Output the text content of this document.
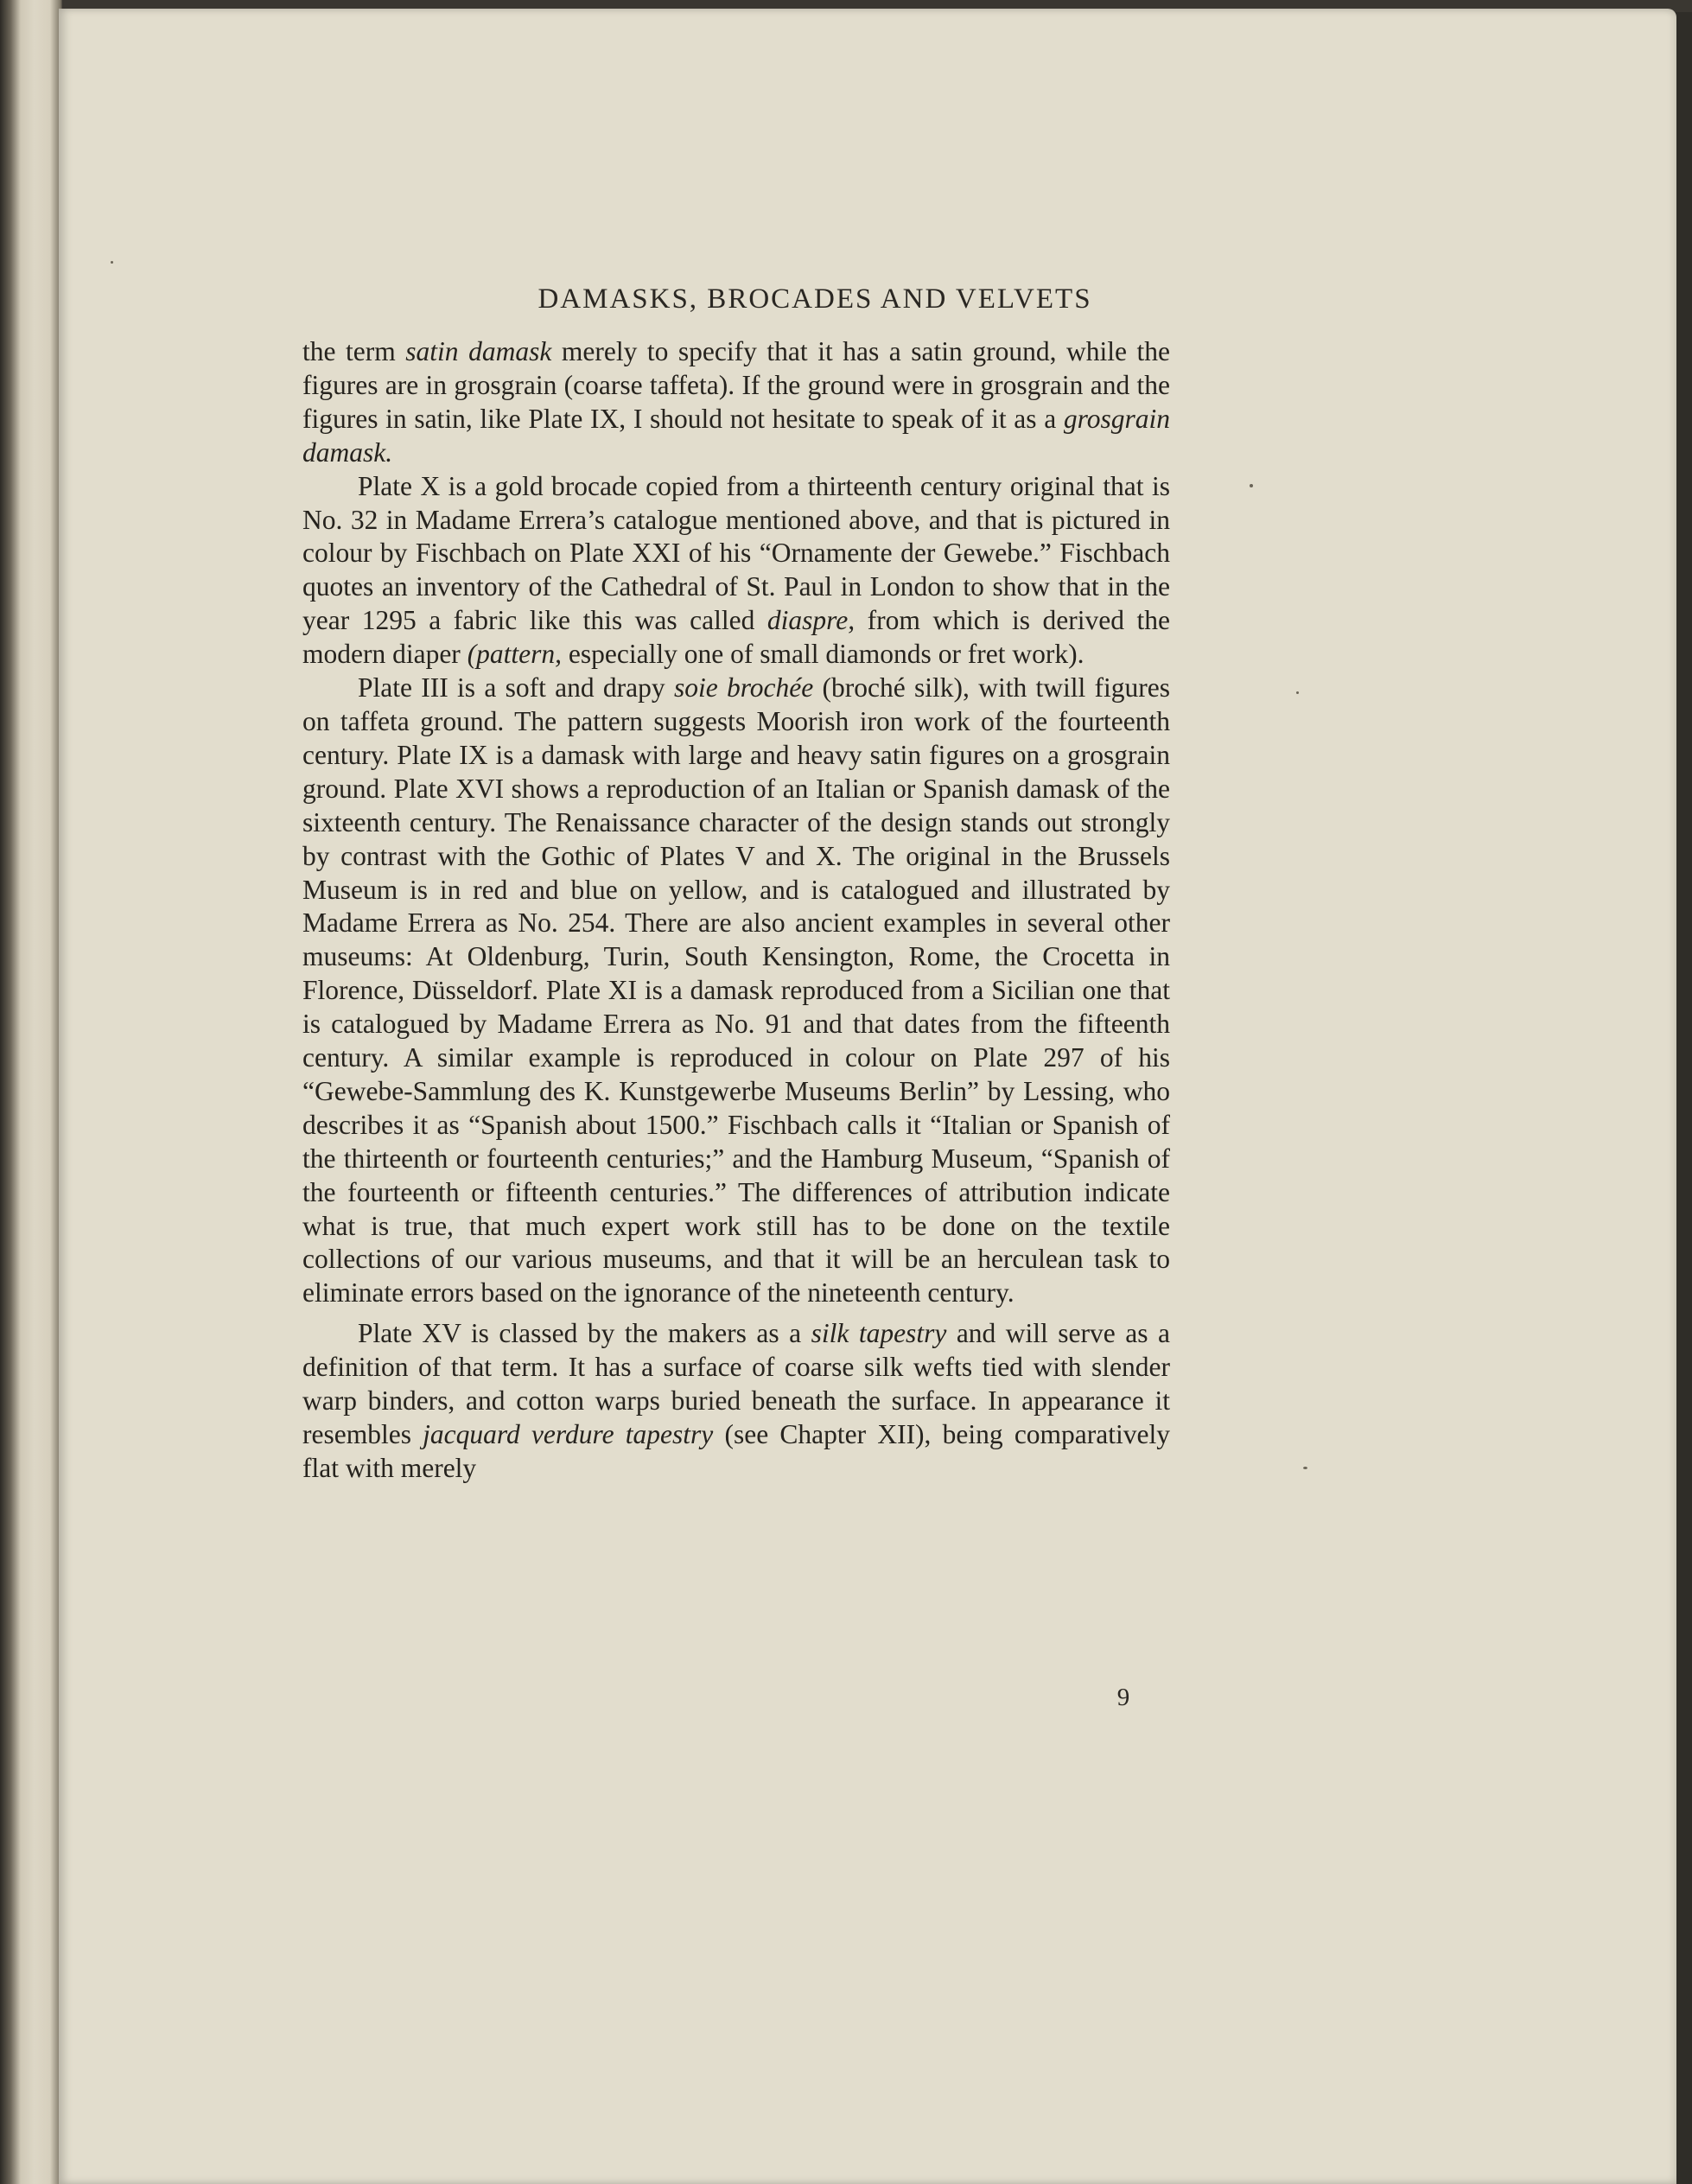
DAMASKS, BROCADES AND VELVETS

the term satin damask merely to specify that it has a satin ground, while the figures are in grosgrain (coarse taffeta). If the ground were in grosgrain and the figures in satin, like Plate IX, I should not hesitate to speak of it as a grosgrain damask.

Plate X is a gold brocade copied from a thirteenth century original that is No. 32 in Madame Errera’s catalogue mentioned above, and that is pictured in colour by Fischbach on Plate XXI of his “Ornamente der Gewebe.” Fischbach quotes an inventory of the Cathedral of St. Paul in London to show that in the year 1295 a fabric like this was called diaspre, from which is derived the modern diaper (pattern, especially one of small diamonds or fret work).

Plate III is a soft and drapy soie brochée (broché silk), with twill figures on taffeta ground. The pattern suggests Moorish iron work of the fourteenth century. Plate IX is a damask with large and heavy satin figures on a grosgrain ground. Plate XVI shows a reproduction of an Italian or Spanish damask of the sixteenth century. The Renaissance character of the design stands out strongly by contrast with the Gothic of Plates V and X. The original in the Brussels Museum is in red and blue on yellow, and is catalogued and illustrated by Madame Errera as No. 254. There are also ancient examples in several other museums: At Oldenburg, Turin, South Kensington, Rome, the Crocetta in Florence, Düsseldorf. Plate XI is a damask reproduced from a Sicilian one that is catalogued by Madame Errera as No. 91 and that dates from the fifteenth century. A similar example is reproduced in colour on Plate 297 of his “Gewebe-Sammlung des K. Kunstgewerbe Museums Berlin” by Lessing, who describes it as “Spanish about 1500.” Fischbach calls it “Italian or Spanish of the thirteenth or fourteenth centuries;” and the Hamburg Museum, “Spanish of the fourteenth or fifteenth centuries.” The differences of attribution indicate what is true, that much expert work still has to be done on the textile collections of our various museums, and that it will be an herculean task to eliminate errors based on the ignorance of the nineteenth century.

Plate XV is classed by the makers as a silk tapestry and will serve as a definition of that term. It has a surface of coarse silk wefts tied with slender warp binders, and cotton warps buried beneath the surface. In appearance it resembles jacquard verdure tapestry (see Chapter XII), being comparatively flat with merely

9
